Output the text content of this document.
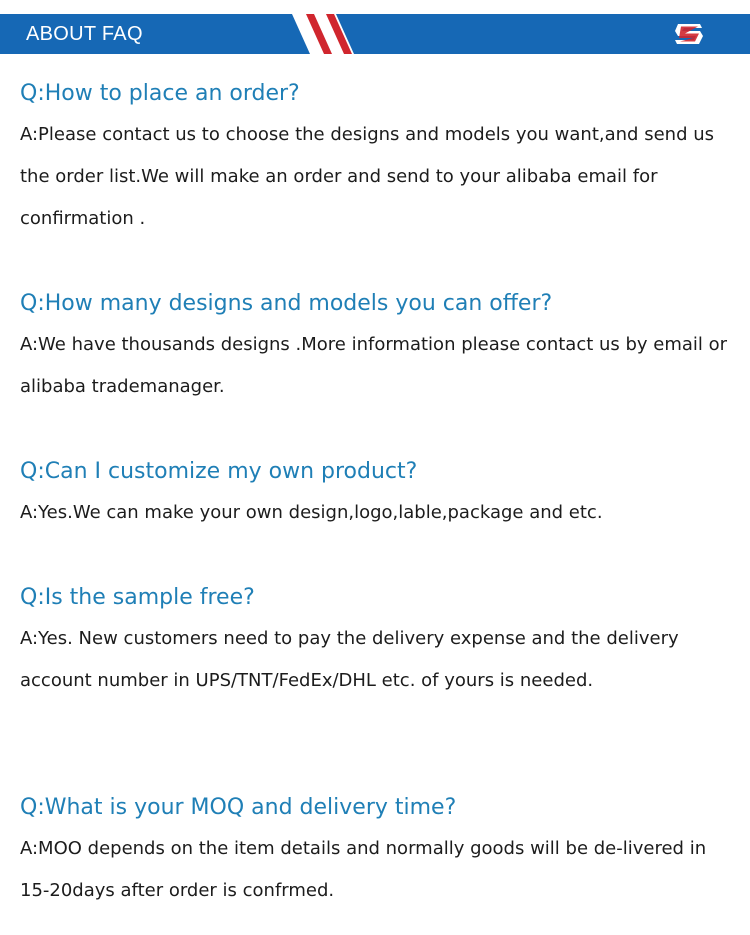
ABOUT FAQ
Q:How to place an order?

A:Please contact us to choose the designs and models you want,and send us the order list.We will make an order and send to your alibaba email for confirmation .

Q:How many designs and models you can offer?

A:We have thousands designs .More information please contact us by email or alibaba trademanager.

Q:Can I customize my own product?

A:Yes.We can make your own design,logo,lable,package and etc.

Q:Is the sample free?

A:Yes. New customers need to pay the delivery expense and the delivery account number in UPS/TNT/FedEx/DHL etc. of yours is needed.

Q:What is your MOQ and delivery time?

A:MOO depends on the item details and normally goods will be de-livered in 15-20days after order is confrmed.
